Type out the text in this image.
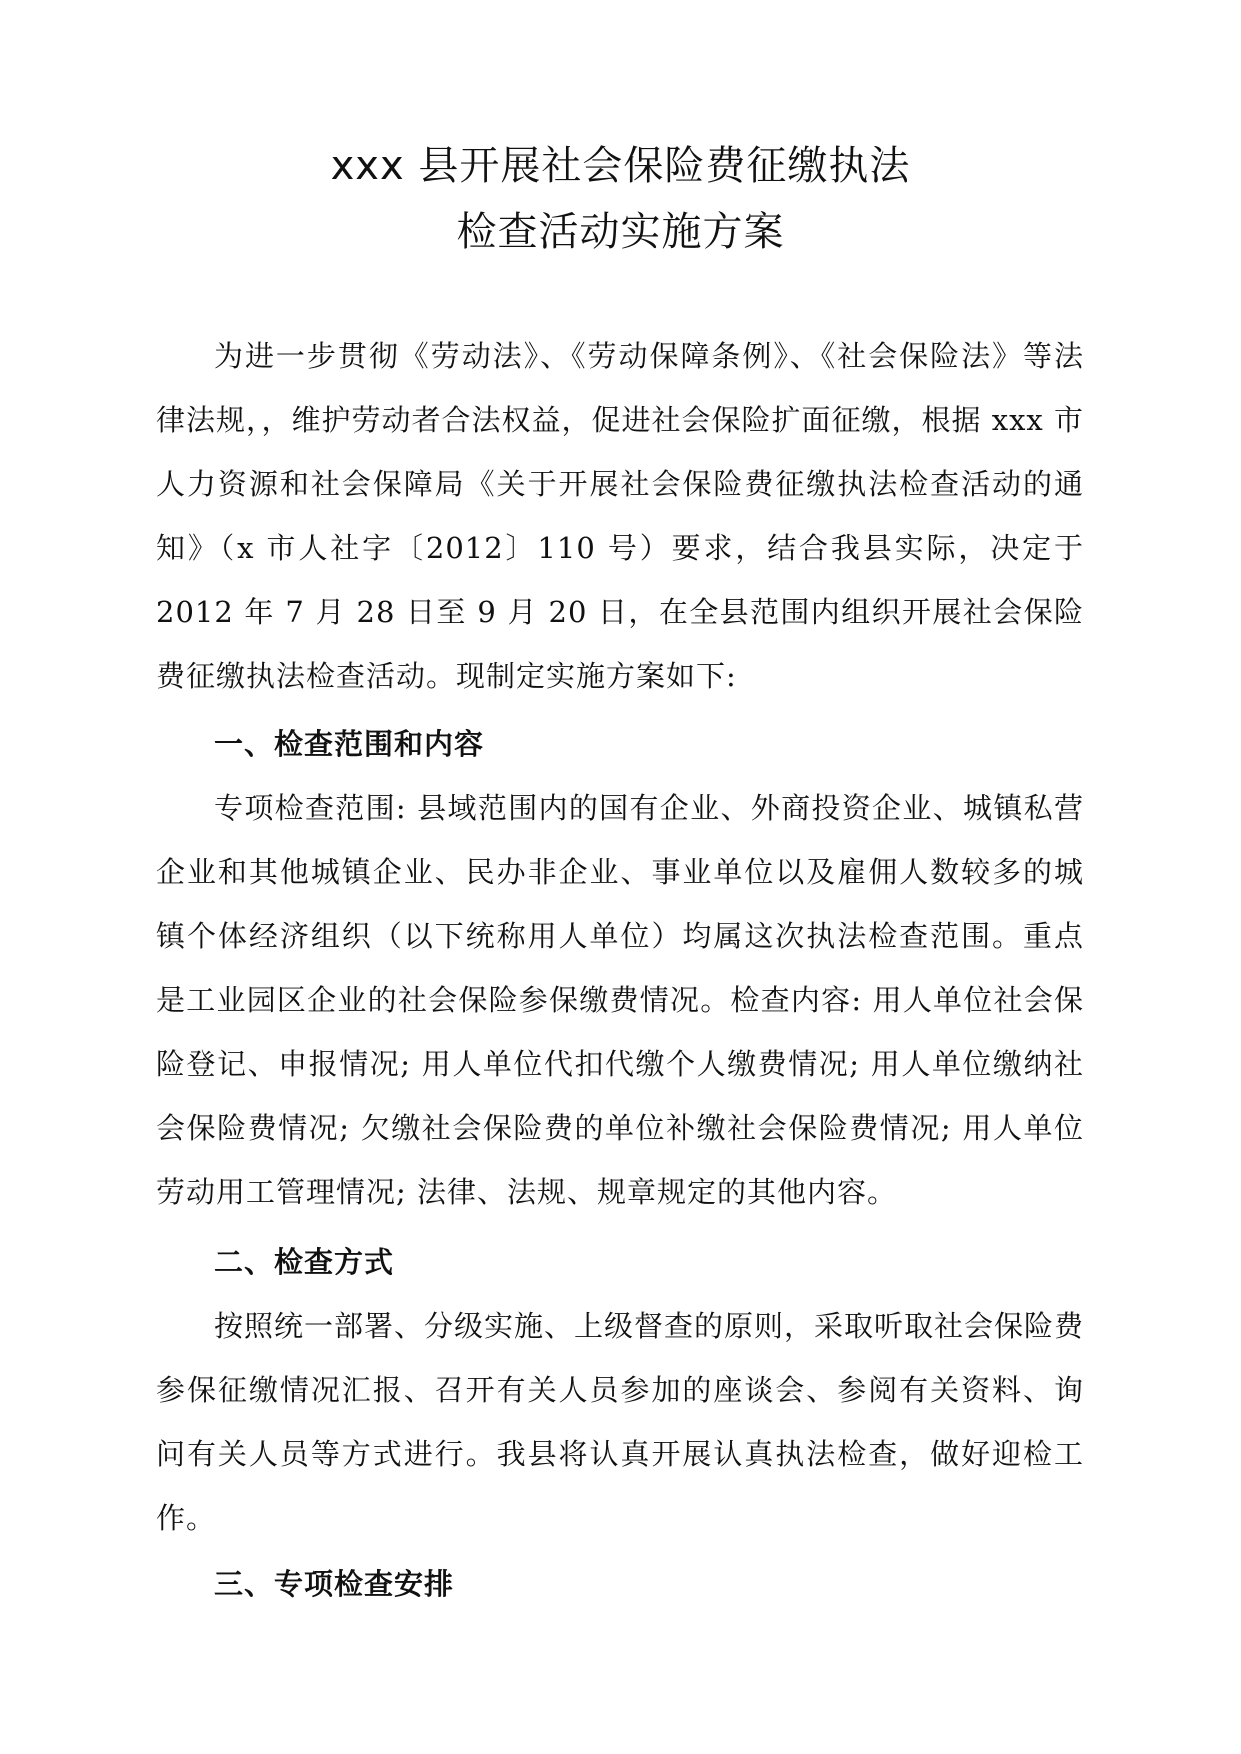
xxx 县开展社会保险费征缴执法
检查活动实施方案

为进一步贯彻《劳动法》、《劳动保障条例》、《社会保险法》等法律法规，，维护劳动者合法权益，促进社会保险扩面征缴，根据 xxx 市人力资源和社会保障局《关于开展社会保险费征缴执法检查活动的通知》（x 市人社字〔2012〕110 号）要求，结合我县实际，决定于 2012 年 7 月 28 日至 9 月 20 日，在全县范围内组织开展社会保险费征缴执法检查活动。现制定实施方案如下:

一、检查范围和内容

专项检查范围: 县域范围内的国有企业、外商投资企业、城镇私营企业和其他城镇企业、民办非企业、事业单位以及雇佣人数较多的城镇个体经济组织（以下统称用人单位）均属这次执法检查范围。重点是工业园区企业的社会保险参保缴费情况。检查内容: 用人单位社会保险登记、申报情况; 用人单位代扣代缴个人缴费情况; 用人单位缴纳社会保险费情况; 欠缴社会保险费的单位补缴社会保险费情况; 用人单位劳动用工管理情况; 法律、法规、规章规定的其他内容。

二、检查方式

按照统一部署、分级实施、上级督查的原则，采取听取社会保险费参保征缴情况汇报、召开有关人员参加的座谈会、参阅有关资料、询问有关人员等方式进行。我县将认真开展认真执法检查，做好迎检工作。

三、专项检查安排
